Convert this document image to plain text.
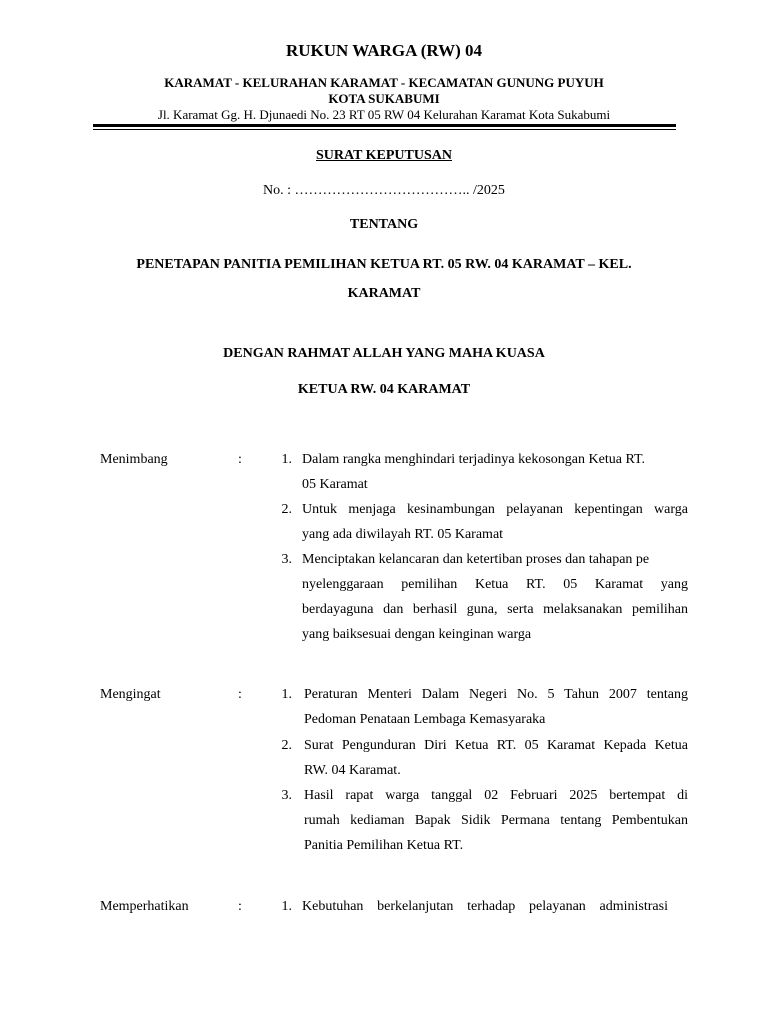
RUKUN WARGA (RW) 04
KARAMAT - KELURAHAN KARAMAT - KECAMATAN GUNUNG PUYUH
KOTA SUKABUMI
Jl. Karamat Gg. H. Djunaedi No. 23 RT 05 RW 04 Kelurahan Karamat Kota Sukabumi
SURAT KEPUTUSAN
No. : ……………………………….. /2025
TENTANG
PENETAPAN PANITIA PEMILIHAN KETUA RT. 05 RW. 04 KARAMAT – KEL.
KARAMAT
DENGAN RAHMAT ALLAH YANG MAHA KUASA
KETUA RW. 04 KARAMAT
Menimbang	:	1. Dalam rangka menghindari terjadinya kekosongan Ketua RT.
05 Karamat
2. Untuk menjaga kesinambungan pelayanan kepentingan warga
yang ada diwilayah RT. 05 Karamat
3. Menciptakan kelancaran dan ketertiban proses dan tahapan pe
nyelenggaraan pemilihan Ketua RT. 05 Karamat yang
berdayaguna dan berhasil guna, serta melaksanakan pemilihan
yang baiksesuai dengan keinginan warga
Mengingat	:	1. Peraturan Menteri Dalam Negeri No. 5 Tahun 2007 tentang
Pedoman Penataan Lembaga Kemasyaraka
2. Surat Pengunduran Diri Ketua RT. 05 Karamat Kepada Ketua
RW. 04 Karamat.
3. Hasil rapat warga tanggal 02 Februari 2025 bertempat di
rumah kediaman Bapak Sidik Permana tentang Pembentukan
Panitia Pemilihan Ketua RT.
Memperhatikan	:	1. Kebutuhan berkelanjutan terhadap pelayanan administrasi
